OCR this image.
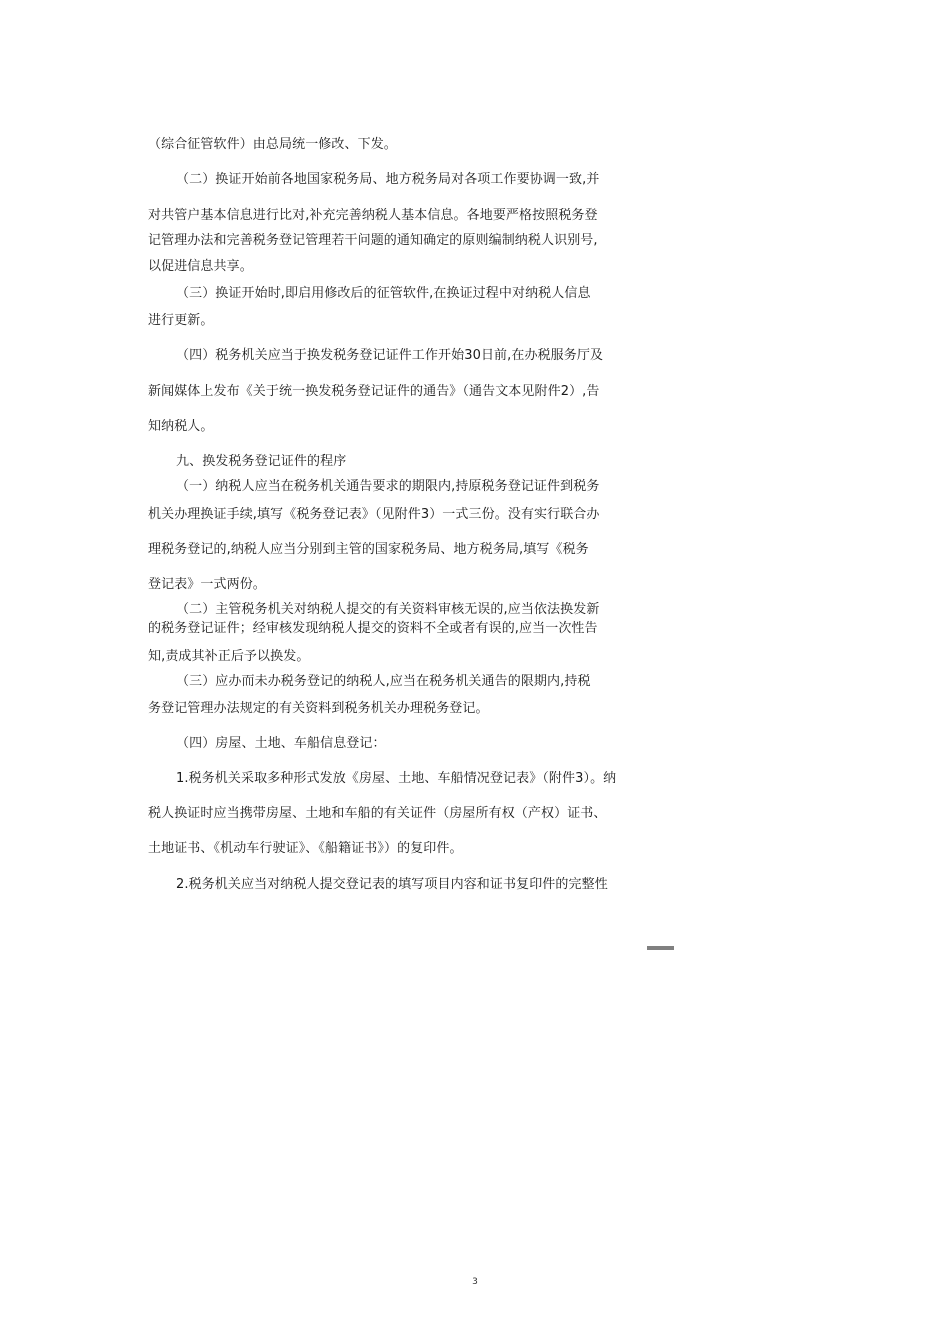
（综合征管软件）由总局统一修改、下发。
（二）换证开始前各地国家税务局、地方税务局对各项工作要协调一致,并
对共管户基本信息进行比对,补充完善纳税人基本信息。各地要严格按照税务登
记管理办法和完善税务登记管理若干问题的通知确定的原则编制纳税人识别号,
以促进信息共享。
（三）换证开始时,即启用修改后的征管软件,在换证过程中对纳税人信息
进行更新。
（四）税务机关应当于换发税务登记证件工作开始30日前,在办税服务厅及
新闻媒体上发布《关于统一换发税务登记证件的通告》（通告文本见附件2）,告
知纳税人。
九、换发税务登记证件的程序
（一）纳税人应当在税务机关通告要求的期限内,持原税务登记证件到税务
机关办理换证手续,填写《税务登记表》（见附件3）一式三份。没有实行联合办
理税务登记的,纳税人应当分别到主管的国家税务局、地方税务局,填写《税务
登记表》一式两份。
（二）主管税务机关对纳税人提交的有关资料审核无误的,应当依法换发新
的税务登记证件；经审核发现纳税人提交的资料不全或者有误的,应当一次性告
知,责成其补正后予以换发。
（三）应办而未办税务登记的纳税人,应当在税务机关通告的限期内,持税
务登记管理办法规定的有关资料到税务机关办理税务登记。
（四）房屋、土地、车船信息登记：
1.税务机关采取多种形式发放《房屋、土地、车船情况登记表》（附件3）。纳
税人换证时应当携带房屋、土地和车船的有关证件（房屋所有权（产权）证书、
土地证书、《机动车行驶证》、《船籍证书》）的复印件。
2.税务机关应当对纳税人提交登记表的填写项目内容和证书复印件的完整性
3
